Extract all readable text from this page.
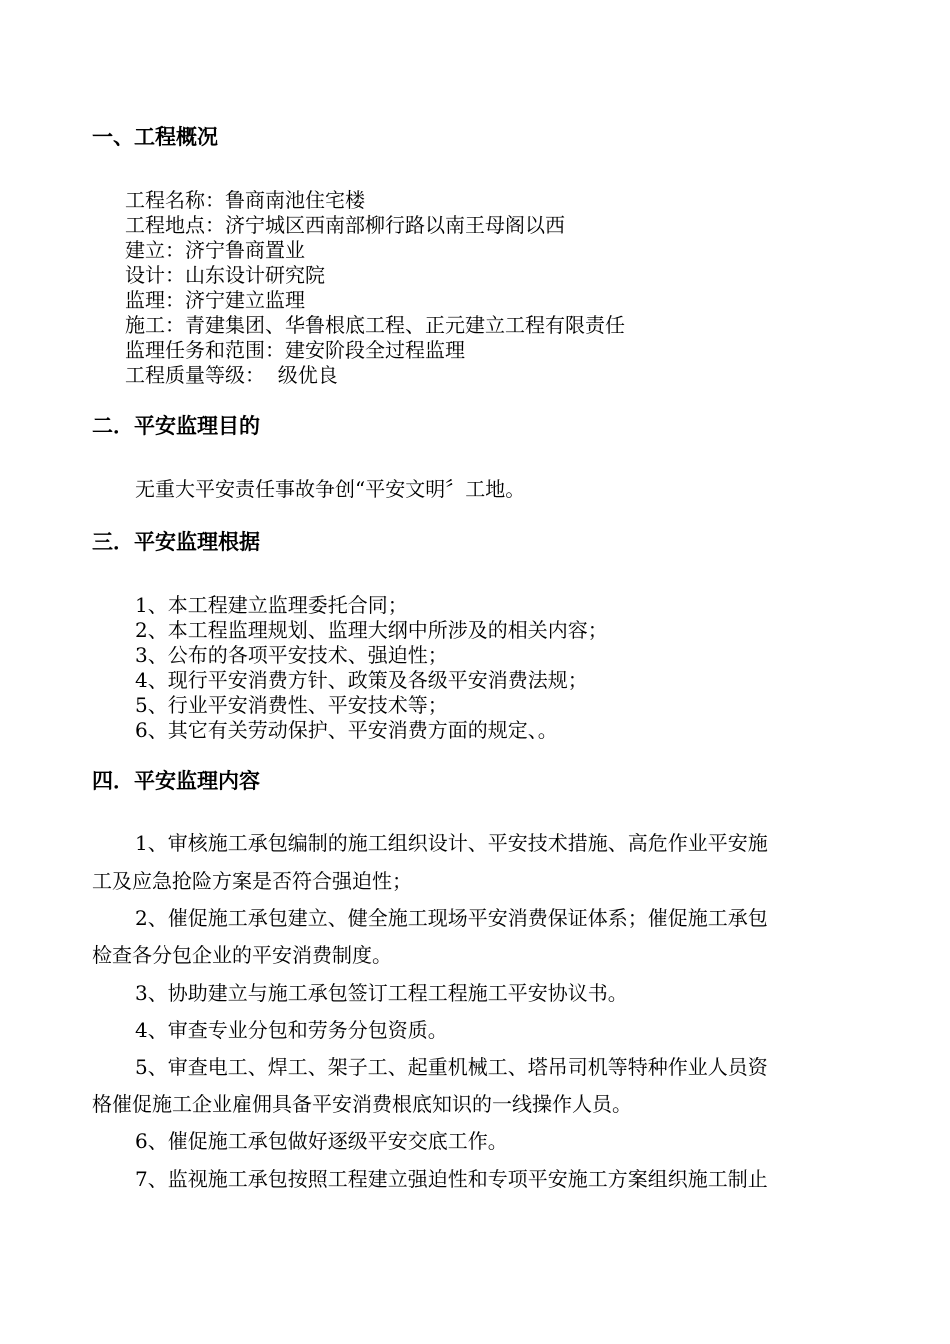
一、工程概况
工程名称：鲁商南池住宅楼
工程地点：济宁城区西南部柳行路以南王母阁以西
建立：济宁鲁商置业
设计：山东设计研究院
监理：济宁建立监理
施工：青建集团、华鲁根底工程、正元建立工程有限责任
监理任务和范围：建安阶段全过程监理
工程质量等级：  级优良
二．平安监理目的
无重大平安责任事故争创“平安文明〞工地。
三．平安监理根据
1、本工程建立监理委托合同；
2、本工程监理规划、监理大纲中所涉及的相关内容；
3、公布的各项平安技术、强迫性；
4、现行平安消费方针、政策及各级平安消费法规；
5、行业平安消费性、平安技术等；
6、其它有关劳动保护、平安消费方面的规定、。
四．平安监理内容
1、审核施工承包编制的施工组织设计、平安技术措施、高危作业平安施
工及应急抢险方案是否符合强迫性；
2、催促施工承包建立、健全施工现场平安消费保证体系；催促施工承包
检查各分包企业的平安消费制度。
3、协助建立与施工承包签订工程工程施工平安协议书。
4、审查专业分包和劳务分包资质。
5、审查电工、焊工、架子工、起重机械工、塔吊司机等特种作业人员资
格催促施工企业雇佣具备平安消费根底知识的一线操作人员。
6、催促施工承包做好逐级平安交底工作。
7、监视施工承包按照工程建立强迫性和专项平安施工方案组织施工制止
